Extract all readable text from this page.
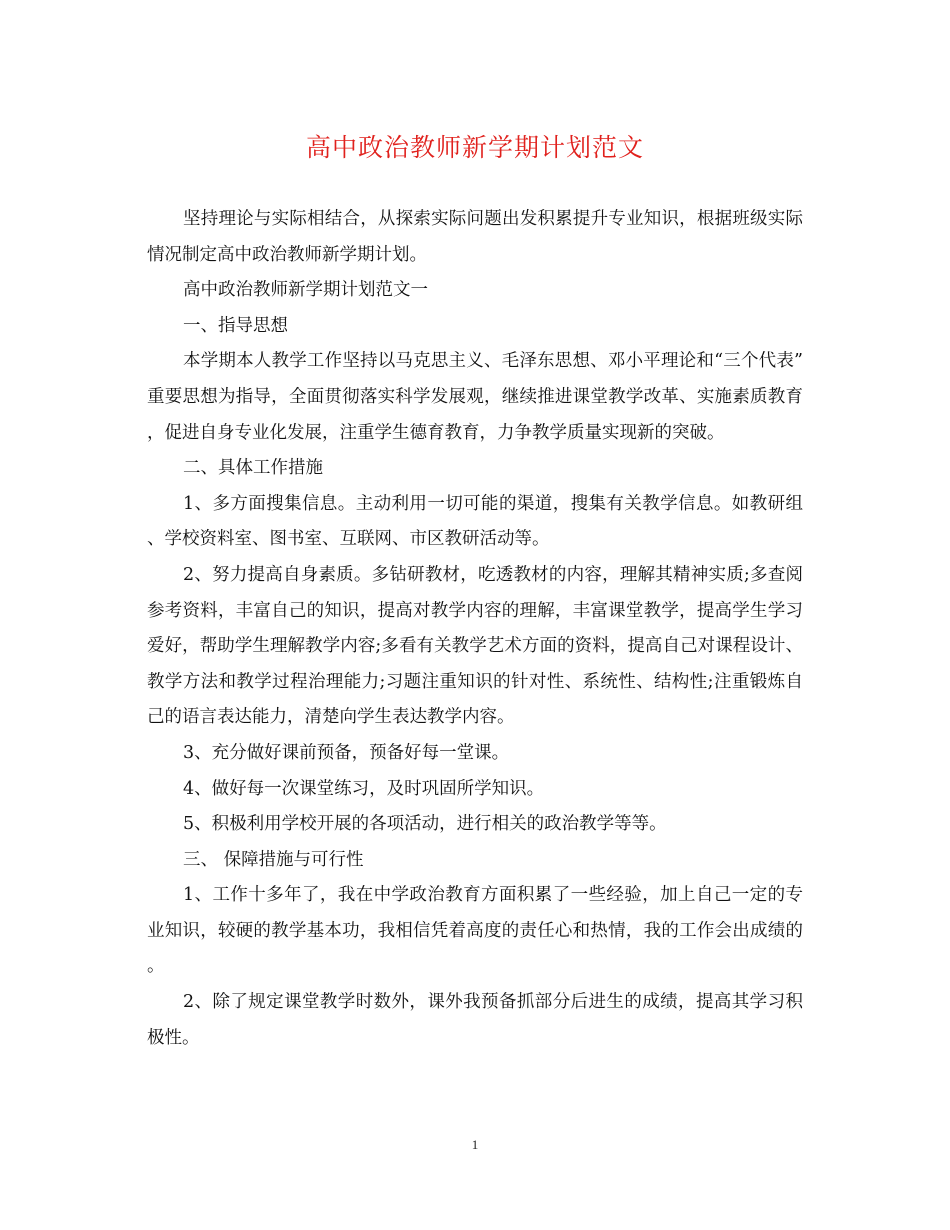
高中政治教师新学期计划范文

坚持理论与实际相结合，从探索实际问题出发积累提升专业知识，根据班级实际情况制定高中政治教师新学期计划。

高中政治教师新学期计划范文一

一、指导思想

本学期本人教学工作坚持以马克思主义、毛泽东思想、邓小平理论和“三个代表”重要思想为指导，全面贯彻落实科学发展观，继续推进课堂教学改革、实施素质教育，促进自身专业化发展，注重学生德育教育，力争教学质量实现新的突破。

二、具体工作措施

1、多方面搜集信息。主动利用一切可能的渠道，搜集有关教学信息。如教研组、学校资料室、图书室、互联网、市区教研活动等。

2、努力提高自身素质。多钻研教材，吃透教材的内容，理解其精神实质;多查阅参考资料，丰富自己的知识，提高对教学内容的理解，丰富课堂教学，提高学生学习爱好，帮助学生理解教学内容;多看有关教学艺术方面的资料，提高自己对课程设计、教学方法和教学过程治理能力;习题注重知识的针对性、系统性、结构性;注重锻炼自己的语言表达能力，清楚向学生表达教学内容。

3、充分做好课前预备，预备好每一堂课。

4、做好每一次课堂练习，及时巩固所学知识。

5、积极利用学校开展的各项活动，进行相关的政治教学等等。

三、 保障措施与可行性

1、工作十多年了，我在中学政治教育方面积累了一些经验，加上自己一定的专业知识，较硬的教学基本功，我相信凭着高度的责任心和热情，我的工作会出成绩的。

2、除了规定课堂教学时数外，课外我预备抓部分后进生的成绩，提高其学习积极性。

1
